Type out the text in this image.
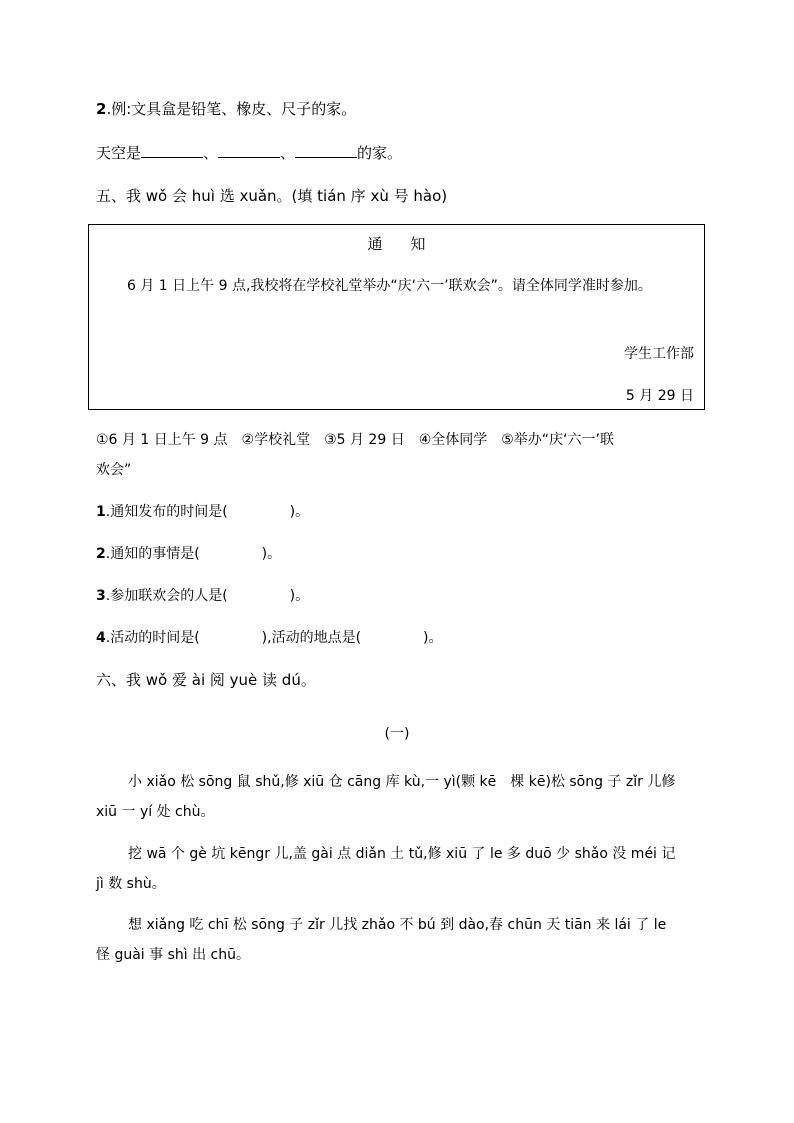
2.例:文具盒是铅笔、橡皮、尺子的家。
天空是	、	、	的家。
五、我 wǒ 会 huì 选 xuǎn。(填 tián 序 xù 号 hào)
通知
6 月 1 日上午 9 点,我校将在学校礼堂举办“庆‘六一’联欢会”。请全体同学准时参加。
学生工作部
5 月 29 日
①6 月 1 日上午 9 点　②学校礼堂　③5 月 29 日　④全体同学　⑤举办“庆‘六一’联
欢会”
1.通知发布的时间是(	)。
2.通知的事情是(	)。
3.参加联欢会的人是(	)。
4.活动的时间是(	),活动的地点是(	)。
六、我 wǒ 爱 ài 阅 yuè 读 dú。
(一)
小 xiǎo 松 sōng 鼠 shǔ,修 xiū 仓 cāng 库 kù,一 yì(颗 kē　棵 kē)松 sōng 子 zǐr 儿修
xiū 一 yí 处 chù。
挖 wā 个 gè 坑 kēngr 儿,盖 gài 点 diǎn 土 tǔ,修 xiū 了 le 多 duō 少 shǎo 没 méi 记
jì 数 shù。
想 xiǎng 吃 chī 松 sōng 子 zǐr 儿找 zhǎo 不 bú 到 dào,春 chūn 天 tiān 来 lái 了 le
怪 guài 事 shì 出 chū。
